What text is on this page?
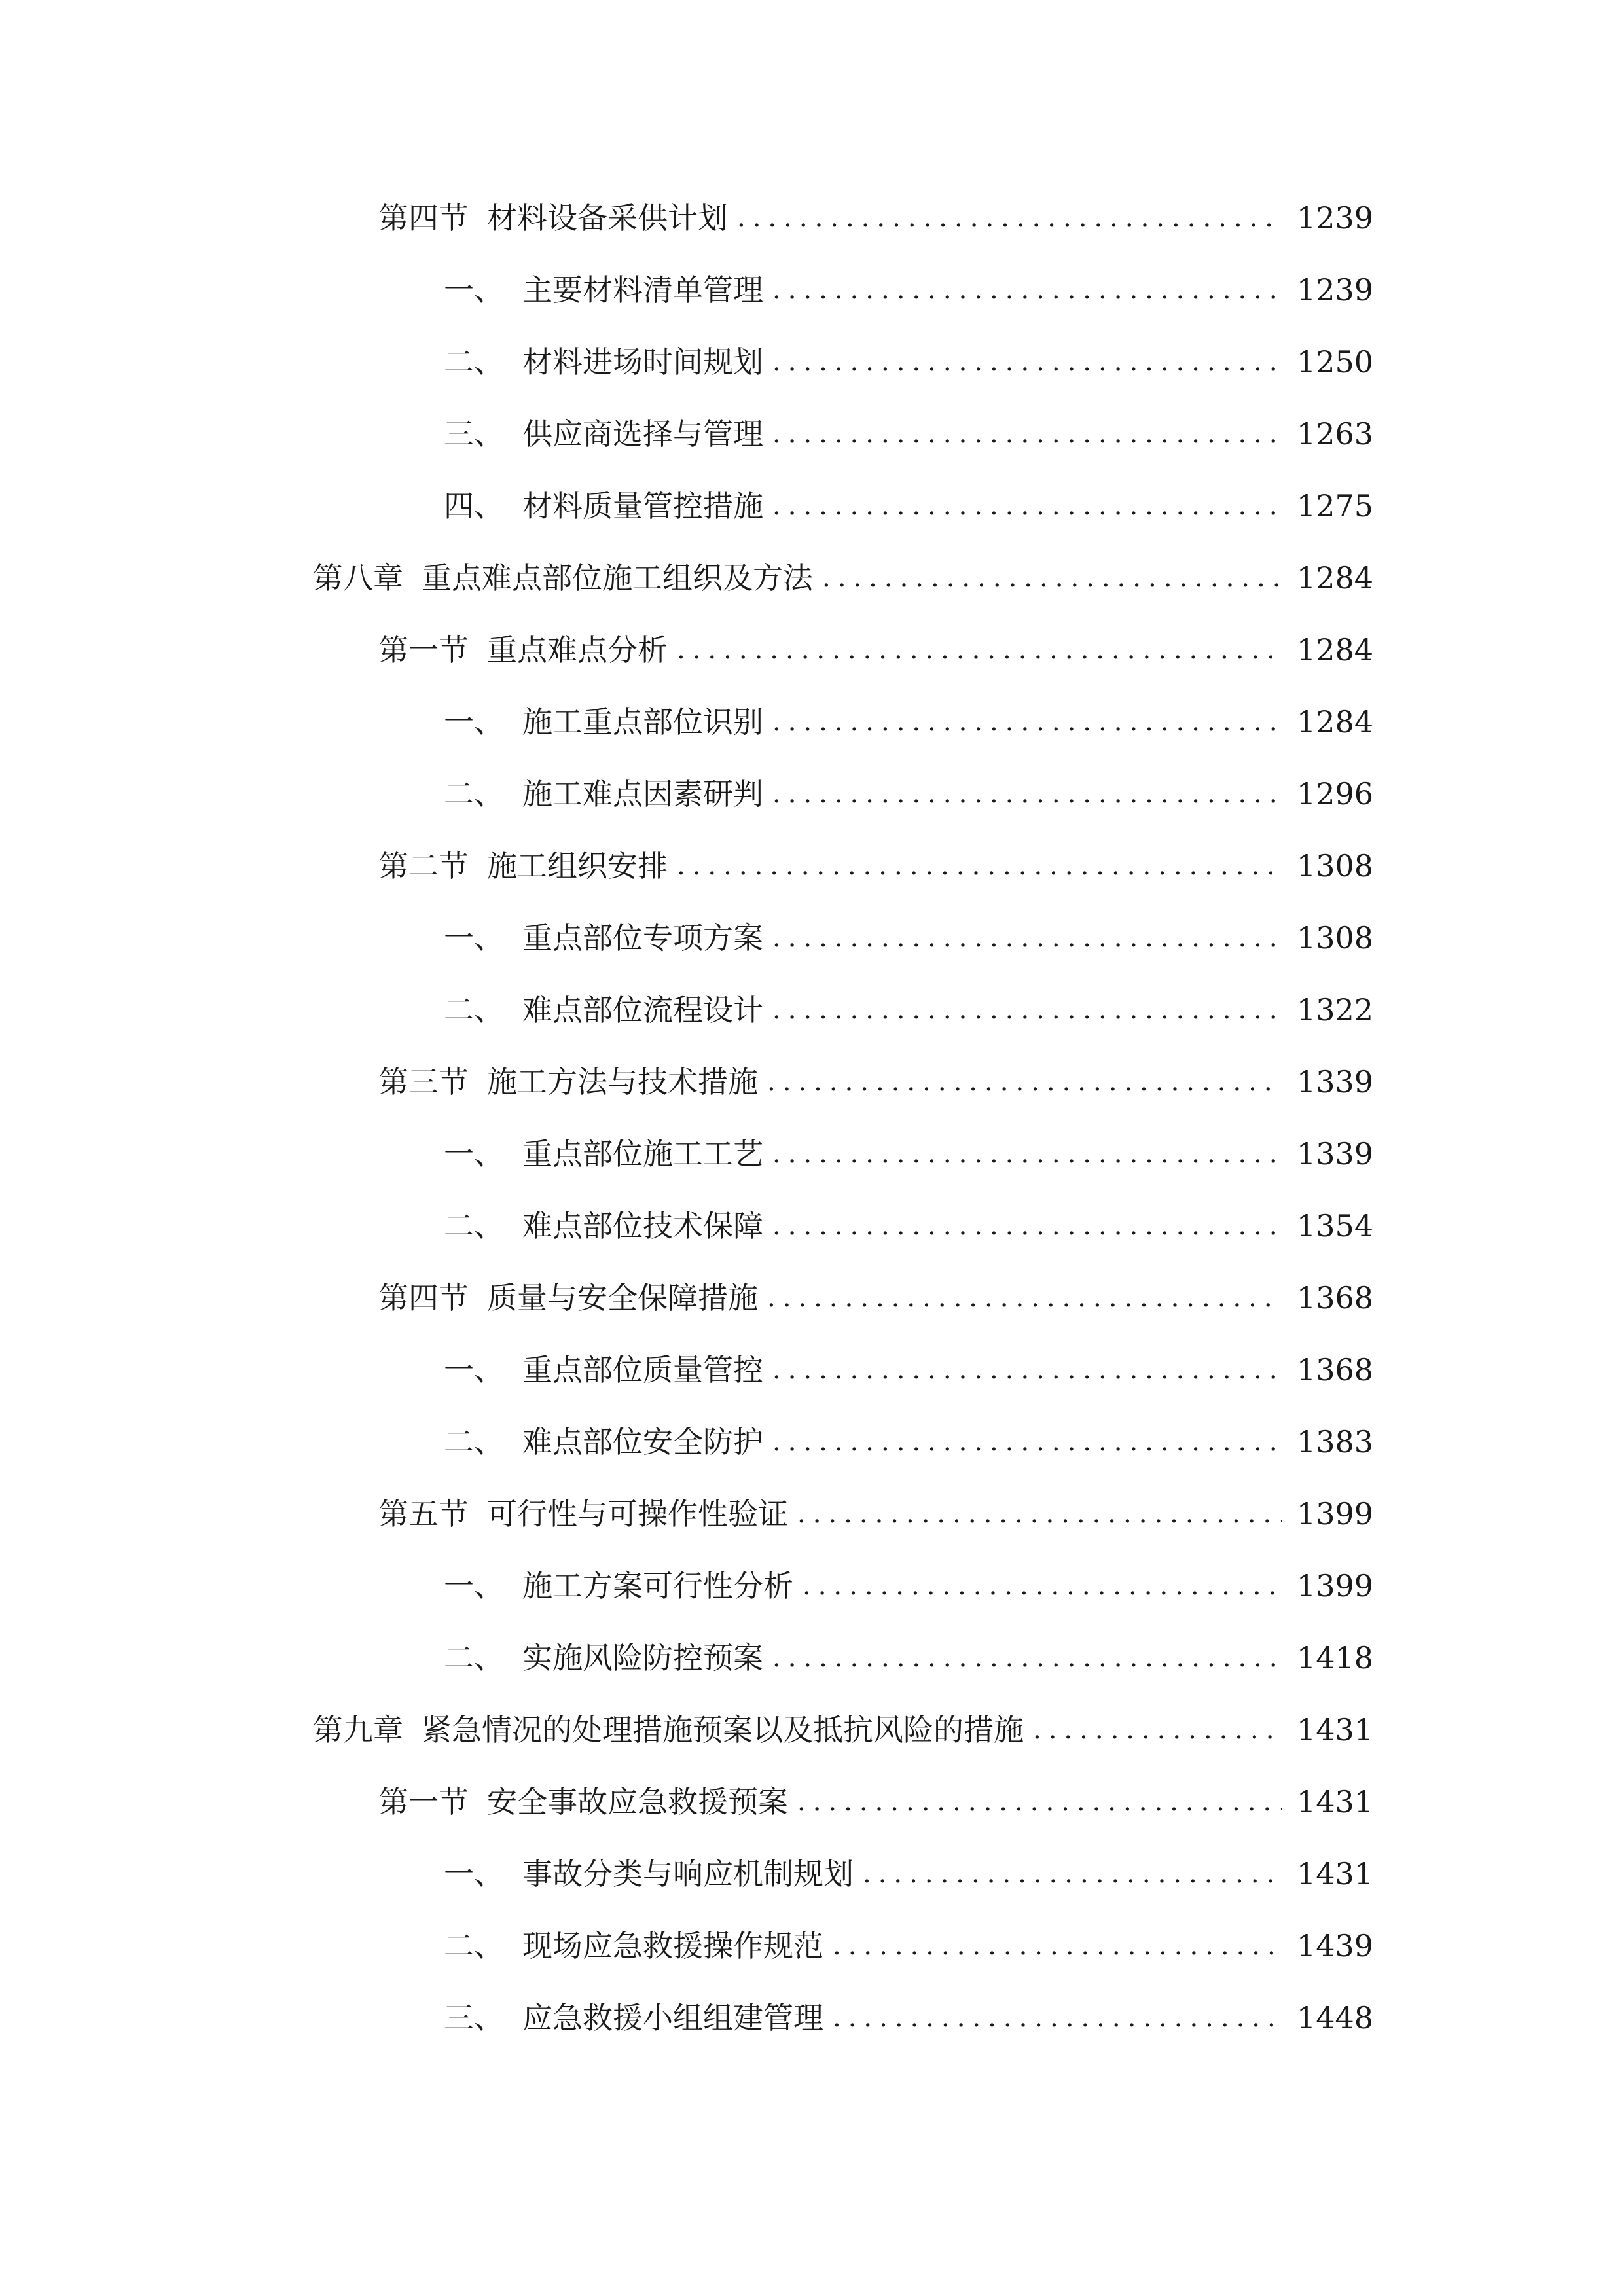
第四节 材料设备采供计划 .....	1239
一、 主要材料清单管理 .....	1239
二、 材料进场时间规划 .....	1250
三、 供应商选择与管理 .....	1263
四、 材料质量管控措施 .....	1275
第八章 重点难点部位施工组织及方法 .....	1284
第一节 重点难点分析 .....	1284
一、 施工重点部位识别 .....	1284
二、 施工难点因素研判 .....	1296
第二节 施工组织安排 .....	1308
一、 重点部位专项方案 .....	1308
二、 难点部位流程设计 .....	1322
第三节 施工方法与技术措施 .....	1339
一、 重点部位施工工艺 .....	1339
二、 难点部位技术保障 .....	1354
第四节 质量与安全保障措施 .....	1368
一、 重点部位质量管控 .....	1368
二、 难点部位安全防护 .....	1383
第五节 可行性与可操作性验证 .....	1399
一、 施工方案可行性分析 .....	1399
二、 实施风险防控预案 .....	1418
第九章 紧急情况的处理措施预案以及抵抗风险的措施 .....	1431
第一节 安全事故应急救援预案 .....	1431
一、 事故分类与响应机制规划 .....	1431
二、 现场应急救援操作规范 .....	1439
三、 应急救援小组组建管理 .....	1448
